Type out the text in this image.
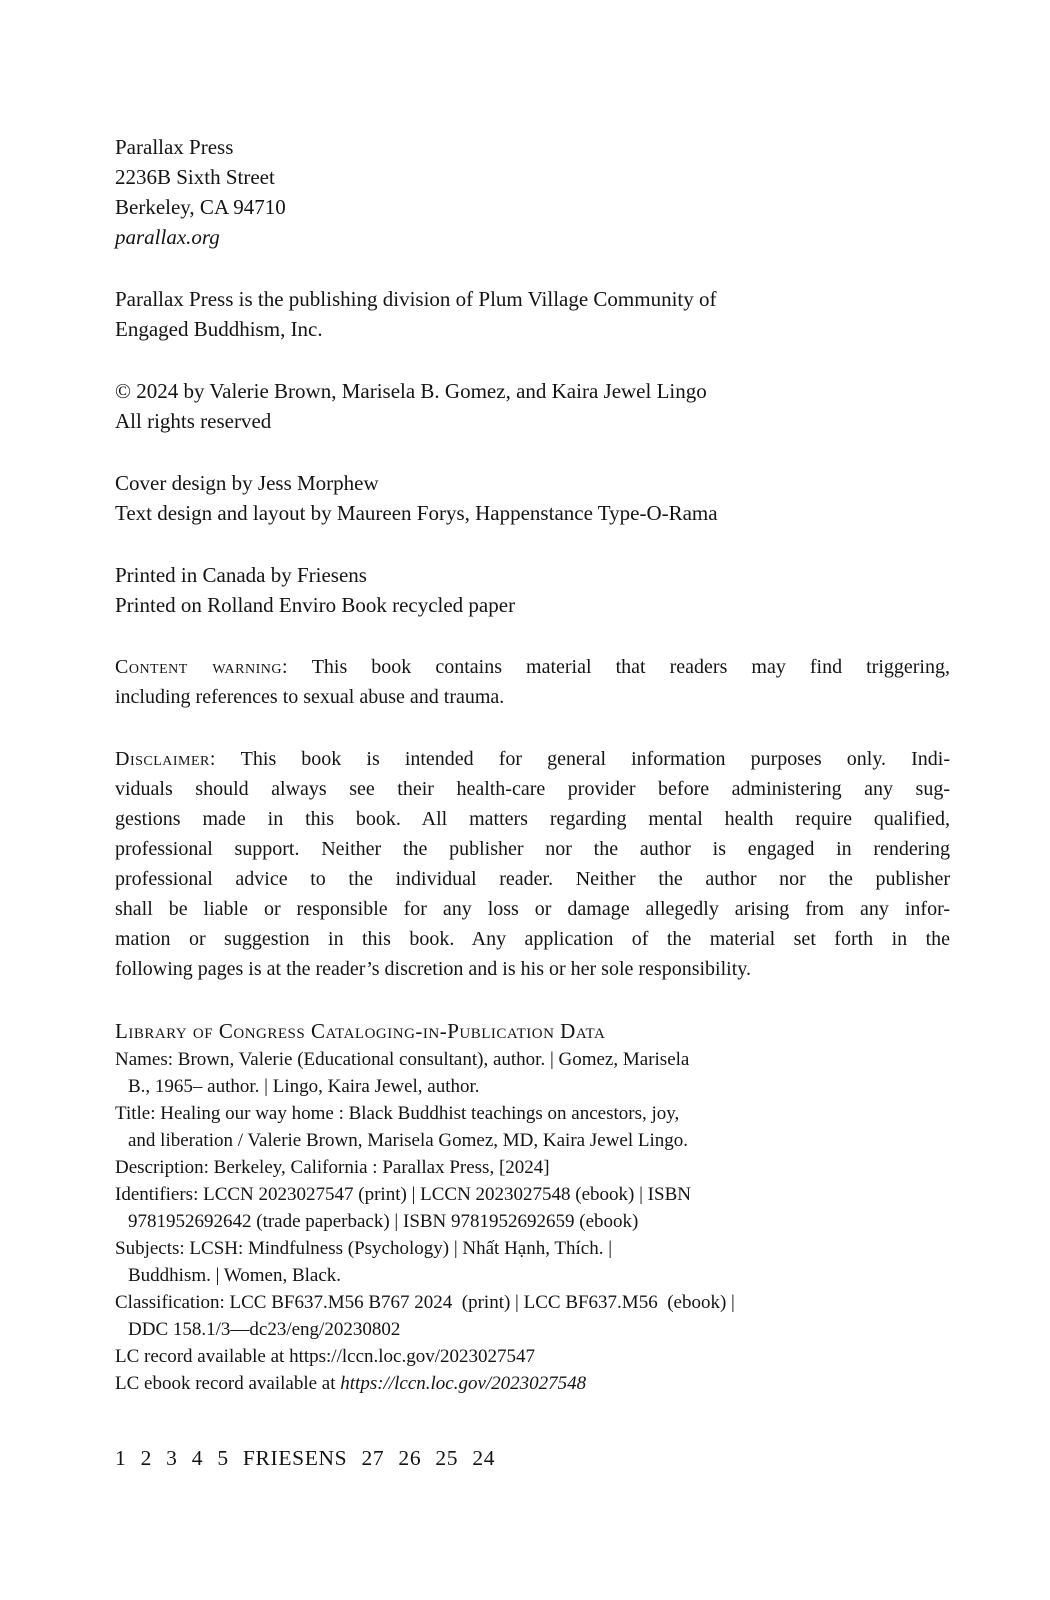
Parallax Press
2236B Sixth Street
Berkeley, CA 94710
parallax.org
Parallax Press is the publishing division of Plum Village Community of
Engaged Buddhism, Inc.
© 2024 by Valerie Brown, Marisela B. Gomez, and Kaira Jewel Lingo
All rights reserved
Cover design by Jess Morphew
Text design and layout by Maureen Forys, Happenstance Type-O-Rama
Printed in Canada by Friesens
Printed on Rolland Enviro Book recycled paper
Content warning: This book contains material that readers may find triggering,
including references to sexual abuse and trauma.
Disclaimer: This book is intended for general information purposes only. Indi-
viduals should always see their health-care provider before administering any sug-
gestions made in this book. All matters regarding mental health require qualified,
professional support. Neither the publisher nor the author is engaged in rendering
professional advice to the individual reader. Neither the author nor the publisher
shall be liable or responsible for any loss or damage allegedly arising from any infor-
mation or suggestion in this book. Any application of the material set forth in the
following pages is at the reader’s discretion and is his or her sole responsibility.
Library of Congress Cataloging-in-Publication Data
Names: Brown, Valerie (Educational consultant), author. | Gomez, Marisela
B., 1965– author. | Lingo, Kaira Jewel, author.
Title: Healing our way home : Black Buddhist teachings on ancestors, joy,
and liberation / Valerie Brown, Marisela Gomez, MD, Kaira Jewel Lingo.
Description: Berkeley, California : Parallax Press, [2024]
Identifiers: LCCN 2023027547 (print) | LCCN 2023027548 (ebook) | ISBN
9781952692642 (trade paperback) | ISBN 9781952692659 (ebook)
Subjects: LCSH: Mindfulness (Psychology) | Nhất Hạnh, Thích. |
Buddhism. | Women, Black.
Classification: LCC BF637.M56 B767 2024  (print) | LCC BF637.M56  (ebook) |
DDC 158.1/3—dc23/eng/20230802
LC record available at https://lccn.loc.gov/2023027547
LC ebook record available at https://lccn.loc.gov/2023027548
1 2 3 4 5 FRIESENS 27 26 25 24
